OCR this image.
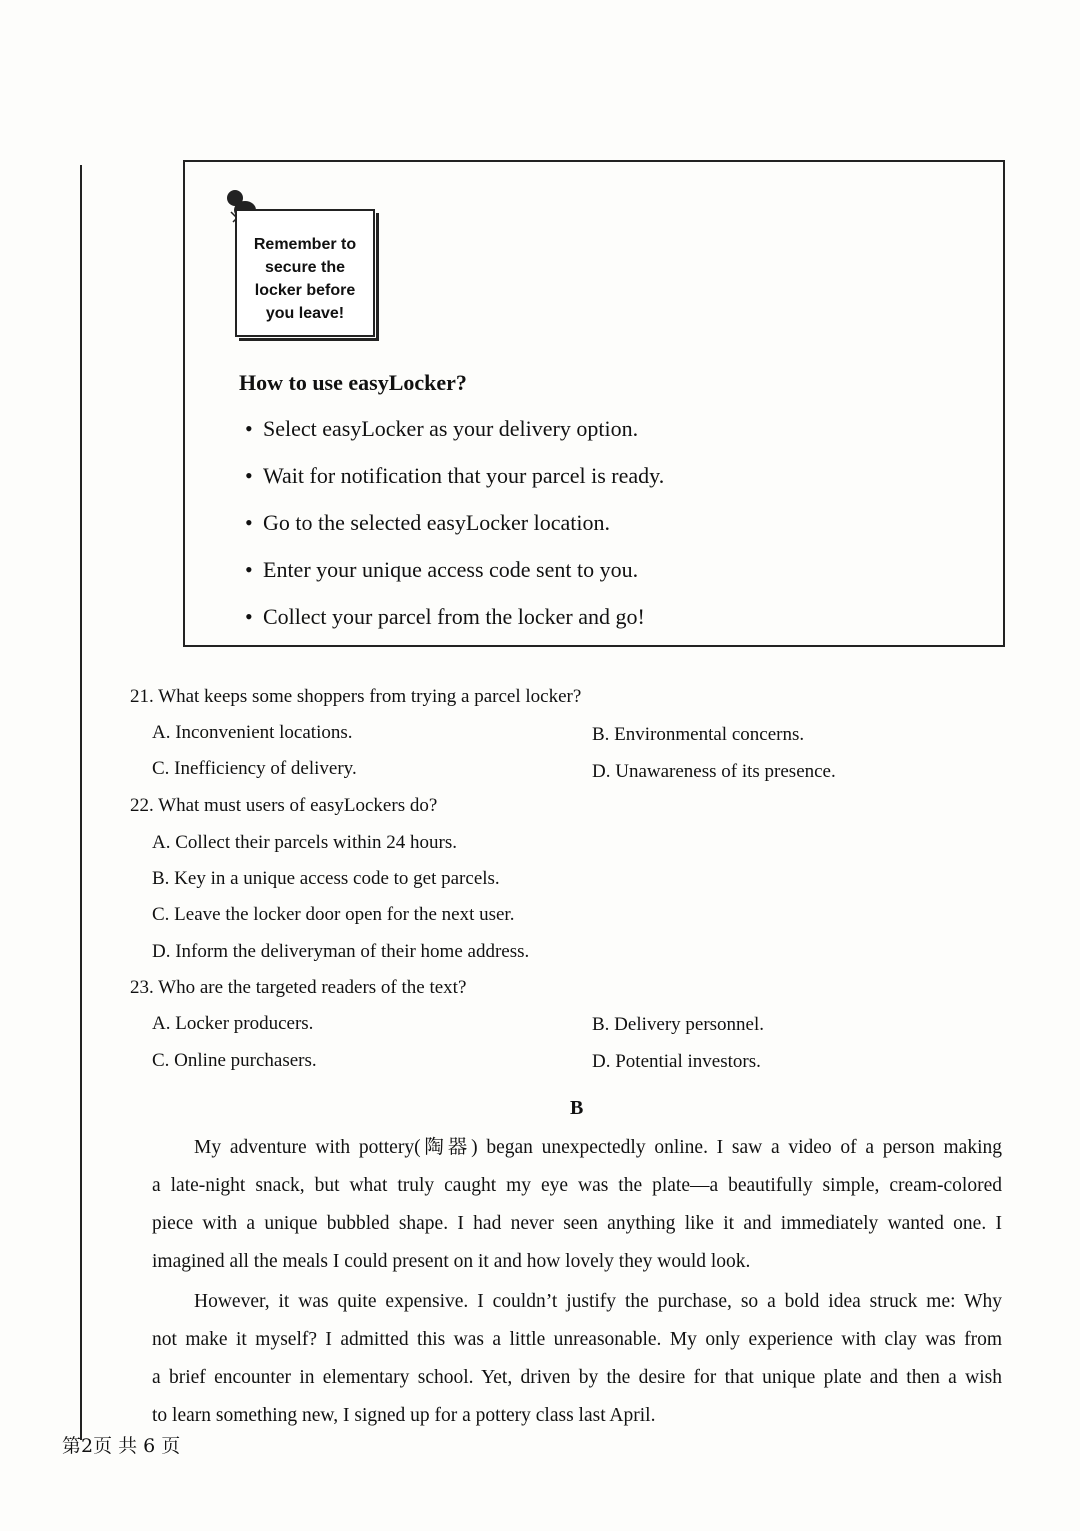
Remember to
secure the
locker before
you leave!
How to use easyLocker?
• Select easyLocker as your delivery option.
• Wait for notification that your parcel is ready.
• Go to the selected easyLocker location.
• Enter your unique access code sent to you.
• Collect your parcel from the locker and go!
21. What keeps some shoppers from trying a parcel locker?
A. Inconvenient locations.	B. Environmental concerns.
C. Inefficiency of delivery.	D. Unawareness of its presence.
22. What must users of easyLockers do?
A. Collect their parcels within 24 hours.
B. Key in a unique access code to get parcels.
C. Leave the locker door open for the next user.
D. Inform the deliveryman of their home address.
23. Who are the targeted readers of the text?
A. Locker producers.	B. Delivery personnel.
C. Online purchasers.	D. Potential investors.
B
My adventure with pottery(陶器) began unexpectedly online. I saw a video of a person making
a late-night snack, but what truly caught my eye was the plate—a beautifully simple, cream-colored
piece with a unique bubbled shape. I had never seen anything like it and immediately wanted one. I
imagined all the meals I could present on it and how lovely they would look.
However, it was quite expensive. I couldn’t justify the purchase, so a bold idea struck me: Why
not make it myself? I admitted this was a little unreasonable. My only experience with clay was from
a brief encounter in elementary school. Yet, driven by the desire for that unique plate and then a wish
to learn something new, I signed up for a pottery class last April.
第2页 共 6 页
